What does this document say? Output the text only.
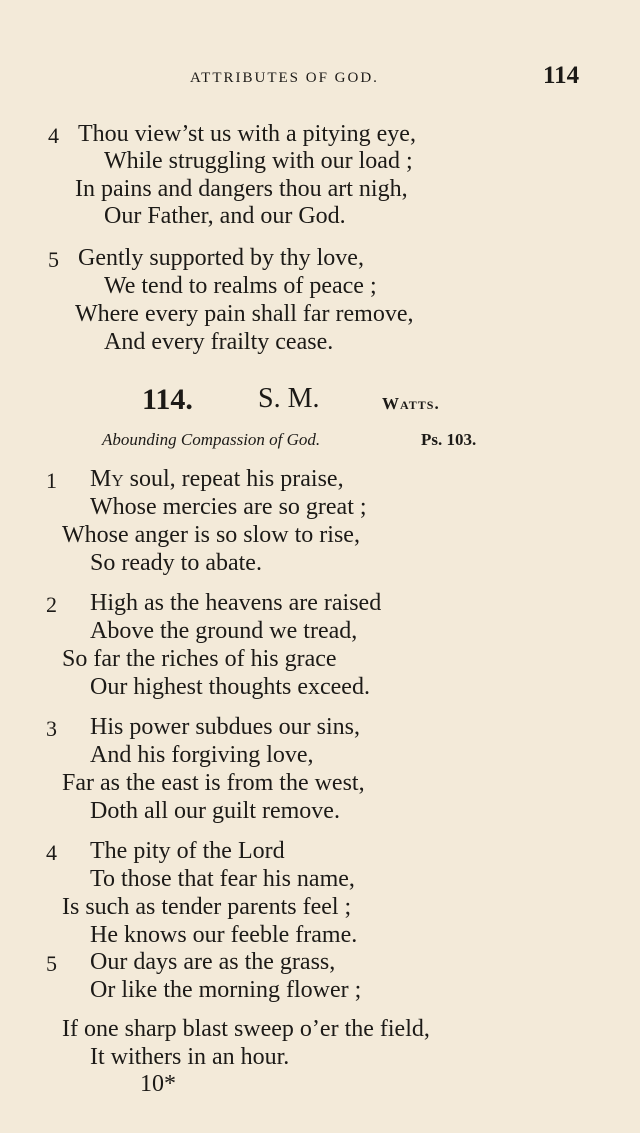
ATTRIBUTES OF GOD.	114
4 Thou view’st us with a pitying eye,
While struggling with our load ;
In pains and dangers thou art nigh,
Our Father, and our God.
5 Gently supported by thy love,
We tend to realms of peace ;
Where every pain shall far remove,
And every frailty cease.
114. S. M.	Watts.
Abounding Compassion of God.	Ps. 103.
1 My soul, repeat his praise,
Whose mercies are so great ;
Whose anger is so slow to rise,
So ready to abate.
2 High as the heavens are raised
Above the ground we tread,
So far the riches of his grace
Our highest thoughts exceed.
3 His power subdues our sins,
And his forgiving love,
Far as the east is from the west,
Doth all our guilt remove.
4 The pity of the Lord
To those that fear his name,
Is such as tender parents feel ;
He knows our feeble frame.
5 Our days are as the grass,
Or like the morning flower ;
If one sharp blast sweep o’er the field,
It withers in an hour.
10*
